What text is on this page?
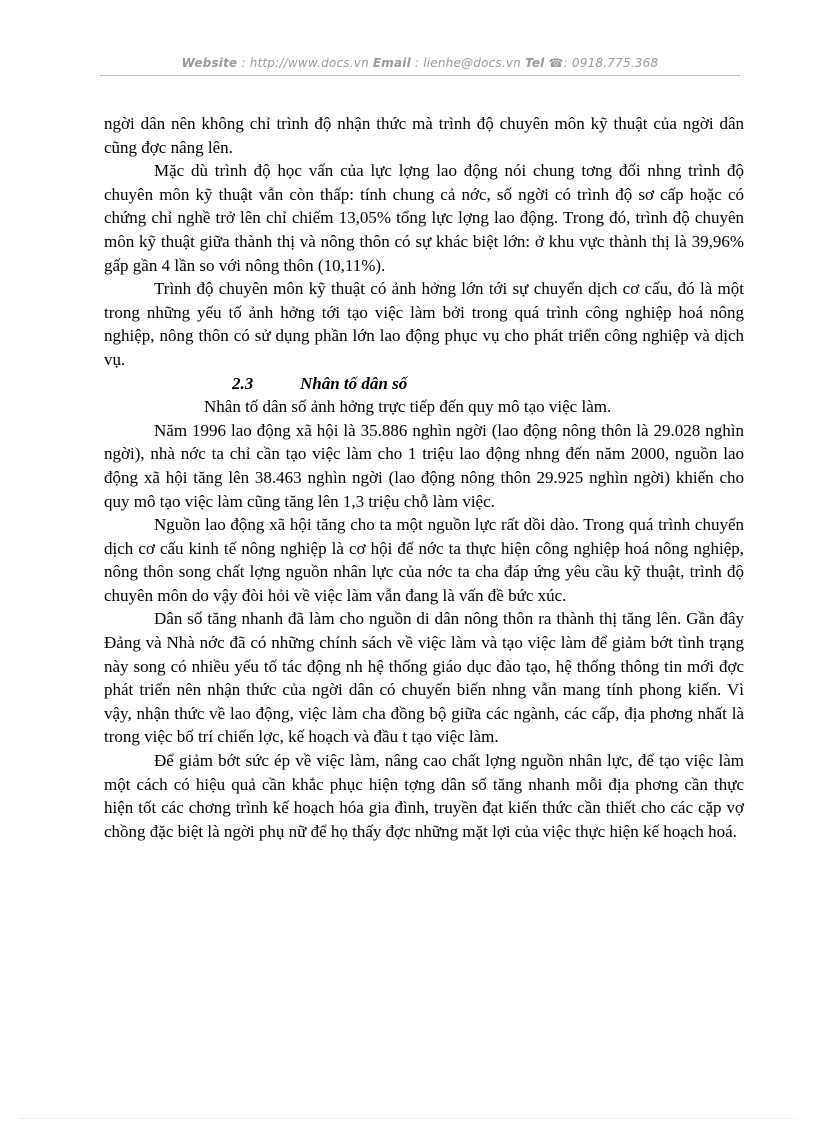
Website : http://www.docs.vn Email : lienhe@docs.vn Tel ☎: 0918.775.368

ngời dân nên không chỉ trình độ nhận thức mà trình độ chuyên môn kỹ thuật của ngời dân cũng đợc nâng lên.

Mặc dù trình độ học vấn của lực lợng lao động nói chung tơng đối nhng trình độ chuyên môn kỹ thuật vẫn còn thấp: tính chung cả nớc, số ngời có trình độ sơ cấp hoặc có chứng chỉ nghề trở lên chỉ chiếm 13,05% tổng lực lợng lao động. Trong đó, trình độ chuyên môn kỹ thuật giữa thành thị và nông thôn có sự khác biệt lớn: ở khu vực thành thị là 39,96% gấp gần 4 lần so với nông thôn (10,11%).

Trình độ chuyên môn kỹ thuật có ảnh hởng lớn tới sự chuyển dịch cơ cấu, đó là một trong những yếu tố ảnh hởng tới tạo việc làm bởi trong quá trình công nghiệp hoá nông nghiệp, nông thôn có sử dụng phần lớn lao động phục vụ cho phát triển công nghiệp và dịch vụ.

2.3	Nhân tố dân số

Nhân tố dân số ảnh hởng trực tiếp đến quy mô tạo việc làm.

Năm 1996 lao động xã hội là 35.886 nghìn ngời (lao động nông thôn là 29.028 nghìn ngời), nhà nớc ta chỉ cần tạo việc làm cho 1 triệu lao động nhng đến năm 2000, nguồn lao động xã hội tăng lên 38.463 nghìn ngời (lao động nông thôn 29.925 nghìn ngời) khiến cho quy mô tạo việc làm cũng tăng lên 1,3 triệu chỗ làm việc.

Nguồn lao động xã hội tăng cho ta một nguồn lực rất dồi dào. Trong quá trình chuyển dịch cơ cấu kinh tế nông nghiệp là cơ hội để nớc ta thực hiện công nghiệp hoá nông nghiệp, nông thôn song chất lợng nguồn nhân lực của nớc ta cha đáp ứng yêu cầu kỹ thuật, trình độ chuyên môn do vậy đòi hỏi về việc làm vẫn đang là vấn đề bức xúc.

Dân số tăng nhanh đã làm cho nguồn di dân nông thôn ra thành thị tăng lên. Gần đây Đảng và Nhà nớc đã có những chính sách về việc làm và tạo việc làm để giảm bớt tình trạng này song có nhiều yếu tố tác động nh hệ thống giáo dục đào tạo, hệ thống thông tin mới đợc phát triển nên nhận thức của ngời dân có chuyển biến nhng vẫn mang tính phong kiến. Vì vậy, nhận thức về lao động, việc làm cha đồng bộ giữa các ngành, các cấp, địa phơng nhất là trong việc bố trí chiến lợc, kế hoạch và đầu t tạo việc làm.

Để giảm bớt sức ép về việc làm, nâng cao chất lợng nguồn nhân lực, để tạo việc làm một cách có hiệu quả cần khắc phục hiện tợng dân số tăng nhanh mỗi địa phơng cần thực hiện tốt các chơng trình kế hoạch hóa gia đình, truyền đạt kiến thức cần thiết cho các cặp vợ chồng đặc biệt là ngời phụ nữ để họ thấy đợc những mặt lợi của việc thực hiện kế hoạch hoá.
